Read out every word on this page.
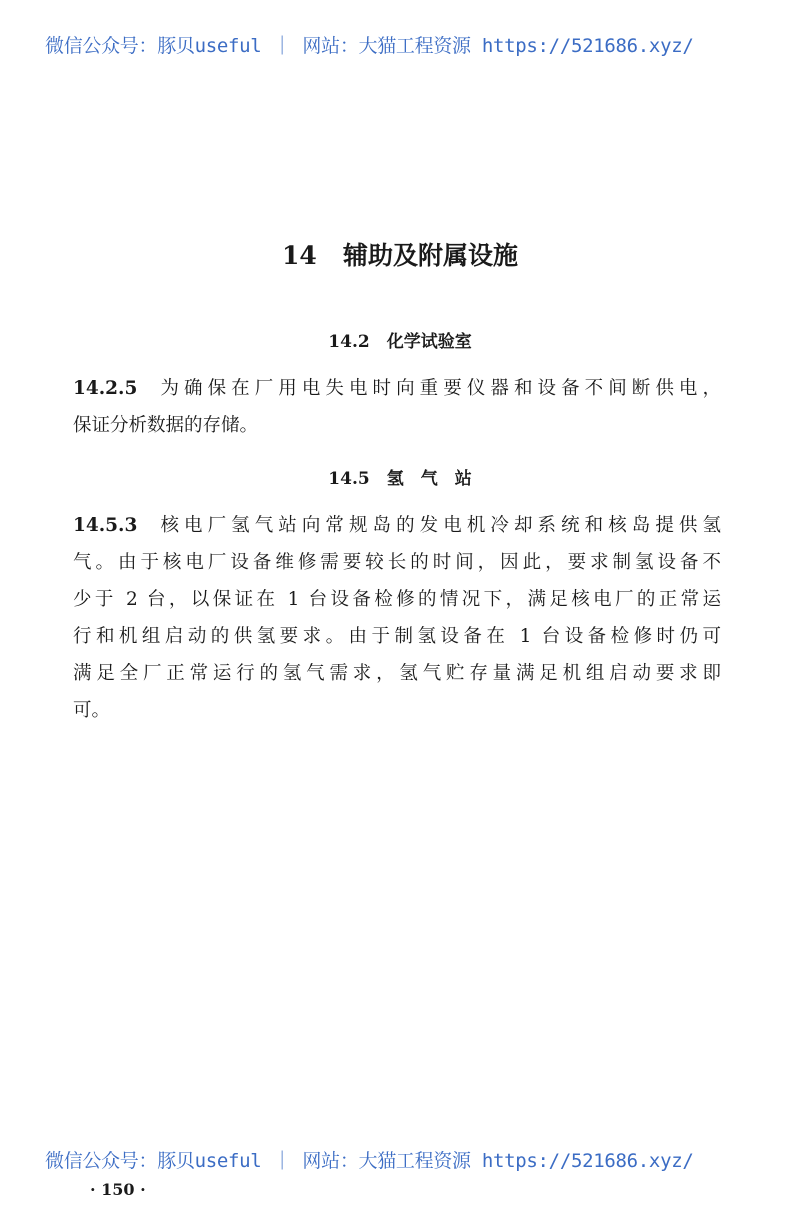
微信公众号：豚贝useful ｜ 网站：大猫工程资源 https://521686.xyz/
14 辅助及附属设施
14.2　化学试验室
14.2.5 为确保在厂用电失电时向重要仪器和设备不间断供电，
保证分析数据的存储。
14.5　氢　气　站
14.5.3 核电厂氢气站向常规岛的发电机冷却系统和核岛提供氢
气。由于核电厂设备维修需要较长的时间，因此，要求制氢设备不
少于 2 台，以保证在 1 台设备检修的情况下，满足核电厂的正常运
行和机组启动的供氢要求。由于制氢设备在 1 台设备检修时仍可
满足全厂正常运行的氢气需求，氢气贮存量满足机组启动要求即
可。
微信公众号：豚贝useful ｜ 网站：大猫工程资源 https://521686.xyz/
· 150 ·
